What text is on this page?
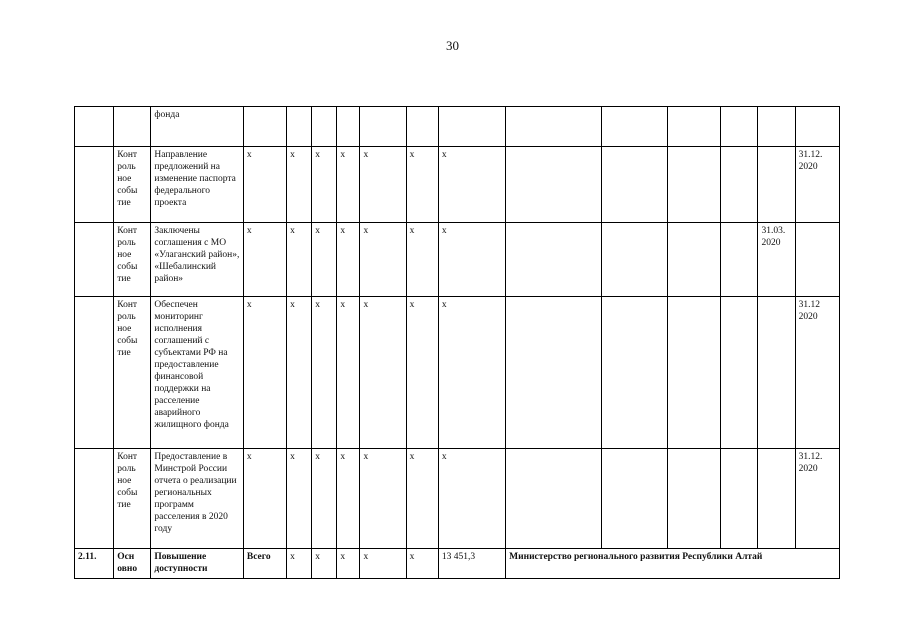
30
		фонда													
	Конт роль ное собы тие	Направление предложений на изменение паспорта федерального проекта	х	х	х	х	х	х	х						31.12. 2020
	Конт роль ное собы тие	Заключены соглашения с МО «Улаганский район», «Шебалинский район»	х	х	х	х	х	х	х					31.03. 2020	
	Конт роль ное собы тие	Обеспечен мониторинг исполнения соглашений с субъектами РФ на предоставление финансовой поддержки на расселение аварийного жилищного фонда	х	х	х	х	х	х	х						31.12 2020
	Конт роль ное собы тие	Предоставление в Минстрой России отчета о реализации региональных программ расселения в 2020 году	х	х	х	х	х	х	х						31.12. 2020
2.11.	Осн овно	Повышение доступности	Всего	х	х	х	х	х	13 451,3	Министерство регионального развития Республики Алтай					
